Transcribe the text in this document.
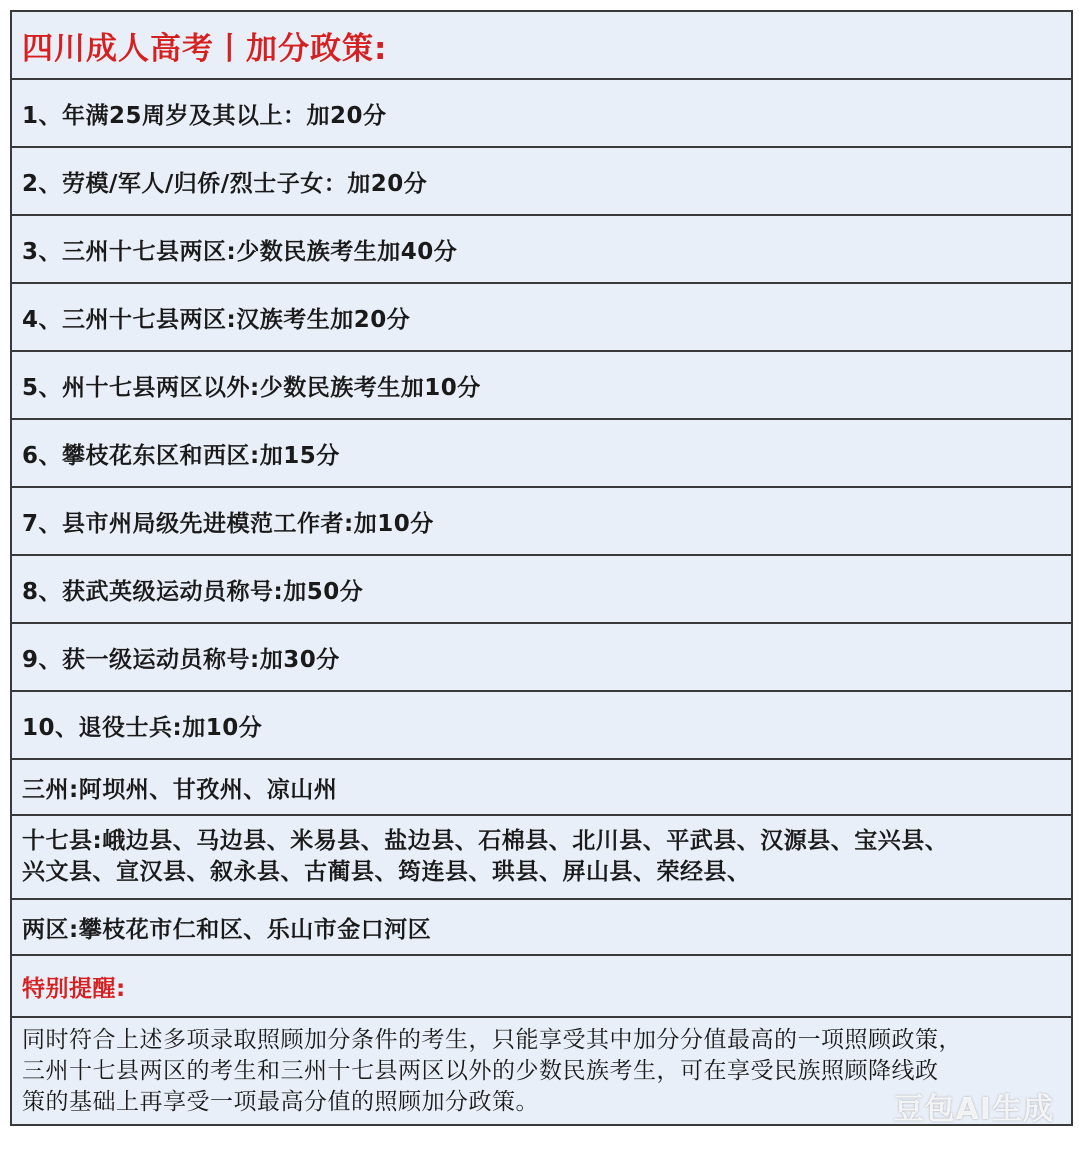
四川成人高考丨加分政策:
1、年满25周岁及其以上：加20分
2、劳模/军人/归侨/烈士子女：加20分
3、三州十七县两区:少数民族考生加40分
4、三州十七县两区:汉族考生加20分
5、州十七县两区以外:少数民族考生加10分
6、攀枝花东区和西区:加15分
7、县市州局级先进模范工作者:加10分
8、获武英级运动员称号:加50分
9、获一级运动员称号:加30分
10、退役士兵:加10分
三州:阿坝州、甘孜州、凉山州
十七县:峨边县、马边县、米易县、盐边县、石棉县、北川县、平武县、汉源县、宝兴县、
兴文县、宣汉县、叙永县、古蔺县、筠连县、珙县、屏山县、荣经县、
两区:攀枝花市仁和区、乐山市金口河区
特别提醒:
同时符合上述多项录取照顾加分条件的考生，只能享受其中加分分值最高的一项照顾政策，
三州十七县两区的考生和三州十七县两区以外的少数民族考生，可在享受民族照顾降线政
策的基础上再享受一项最高分值的照顾加分政策。	豆包AI生成
